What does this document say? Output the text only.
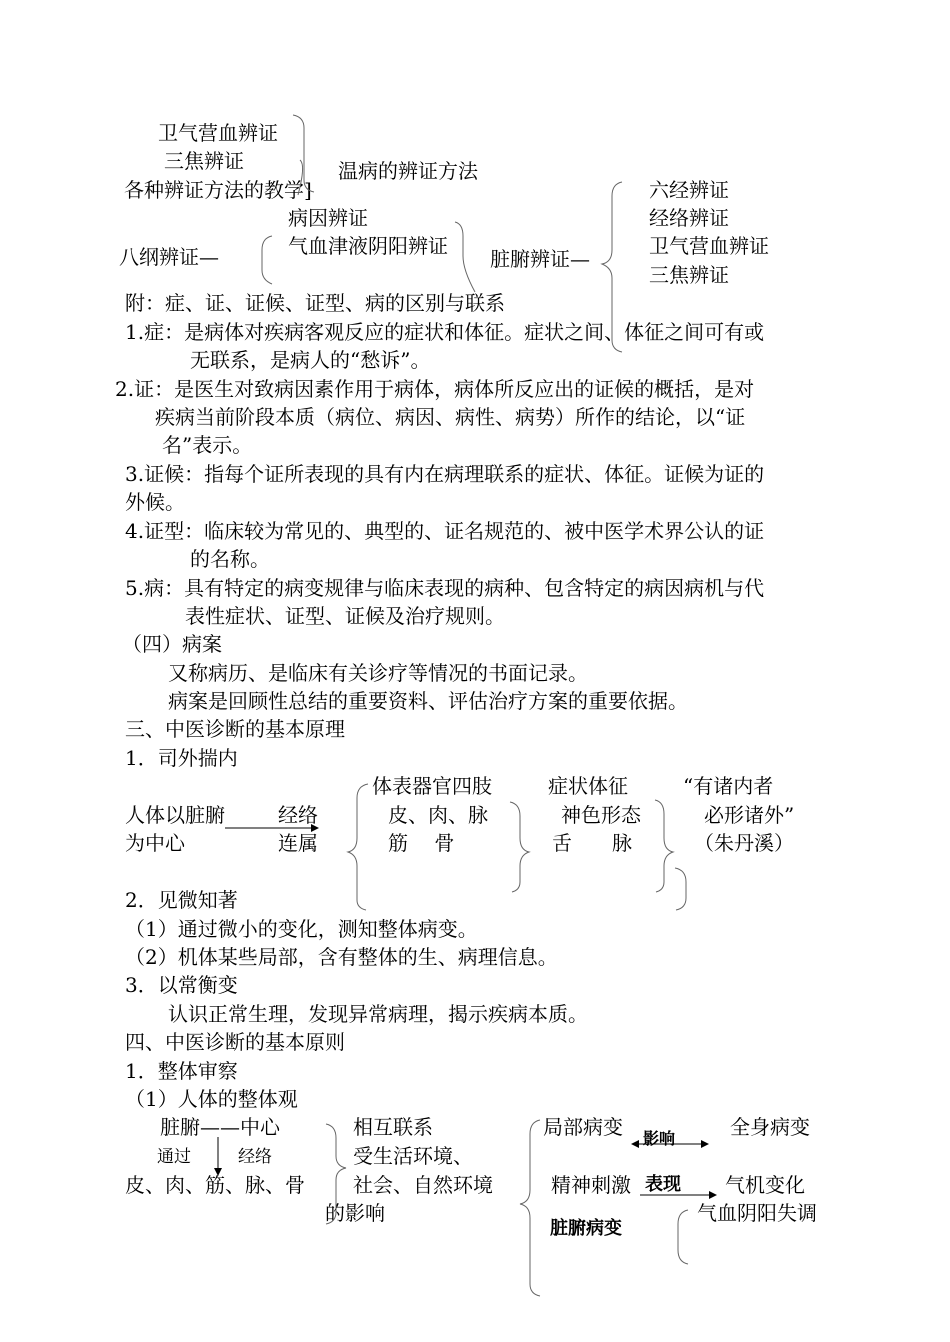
卫气营血辨证
三焦辨证	温病的辨证方法
各种辨证方法的教学]
病因辨证
气血津液阴阳辨证
八纲辨证—	脏腑辨证—
六经辨证
经络辨证
卫气营血辨证
三焦辨证
附：症、证、证候、证型、病的区别与联系
1.症：是病体对疾病客观反应的症状和体征。症状之间、体征之间可有或
无联系，是病人的“愁诉”。
2.证：是医生对致病因素作用于病体，病体所反应出的证候的概括，是对
疾病当前阶段本质（病位、病因、病性、病势）所作的结论，以“证
名”表示。
3.证候：指每个证所表现的具有内在病理联系的症状、体征。证候为证的
外候。
4.证型：临床较为常见的、典型的、证名规范的、被中医学术界公认的证
的名称。
5.病：具有特定的病变规律与临床表现的病种、包含特定的病因病机与代
表性症状、证型、证候及治疗规则。
（四）病案
又称病历、是临床有关诊疗等情况的书面记录。
病案是回顾性总结的重要资料、评估治疗方案的重要依据。
三、中医诊断的基本原理
1．司外揣内
人体以脏腑
为中心
经络
连属
体表器官四肢
皮、肉、脉
筋　 骨
症状体征
神色形态
舌　　脉
“有诸内者
必形诸外”
（朱丹溪）
2．见微知著
（1）通过微小的变化，测知整体病变。
（2）机体某些局部，含有整体的生、病理信息。
3．以常衡变
认识正常生理，发现异常病理，揭示疾病本质。
四、中医诊断的基本原则
1．整体审察
（1）人体的整体观
脏腑——中心
通过	经络
皮、肉、筋、脉、骨
相互联系
受生活环境、
社会、自然环境
的影响
局部病变 影响	全身病变
精神刺激 表现 气机变化
气血阴阳失调
脏腑病变
